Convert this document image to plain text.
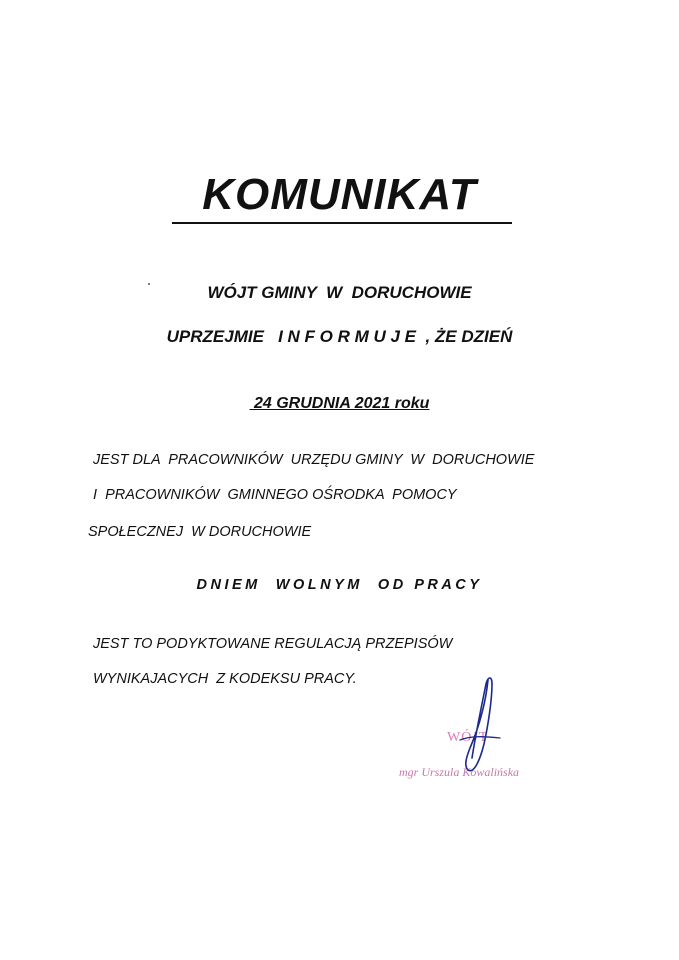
KOMUNIKAT

WÓJT GMINY  W  DORUCHOWIE

UPRZEJMIE   I N F O R M U J E  , ŻE DZIEŃ

24 GRUDNIA 2021 roku

JEST DLA  PRACOWNIKÓW  URZĘDU GMINY  W  DORUCHOWIE

I  PRACOWNIKÓW  GMINNEGO OŚRODKA  POMOCY

SPOŁECZNEJ  W DORUCHOWIE

DNIEM  WOLNYM  OD PRACY

JEST TO PODYKTOWANE REGULACJĄ PRZEPISÓW

WYNIKAJACYCH  Z KODEKSU PRACY.

WÓJT
mgr Urszula Kowalińska
